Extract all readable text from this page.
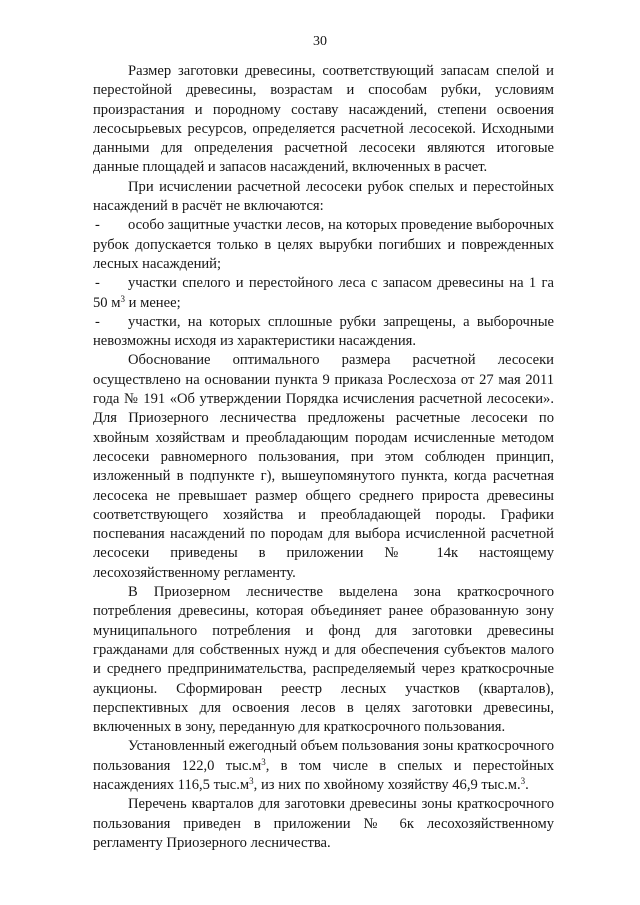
30

Размер заготовки древесины, соответствующий запасам спелой и перестойной древесины, возрастам и способам рубки, условиям произрастания и породному составу насаждений, степени освоения лесосырьевых ресурсов, определяется расчетной лесосекой. Исходными данными для определения расчетной лесосеки являются итоговые данные площадей и запасов насаждений, включенных в расчет.

При исчислении расчетной лесосеки рубок спелых и перестойных насаждений в расчёт не включаются:

- особо защитные участки лесов, на которых проведение выборочных рубок допускается только в целях вырубки погибших и поврежденных лесных насаждений;

- участки спелого и перестойного леса с запасом древесины на 1 га 50 $м^3$ и менее;

- участки, на которых сплошные рубки запрещены, а выборочные невозможны исходя из характеристики насаждения.

Обоснование оптимального размера расчетной лесосеки осуществлено на основании пункта 9 приказа Рослесхоза от 27 мая 2011 года № 191 «Об утверждении Порядка исчисления расчетной лесосеки». Для Приозерного лесничества предложены расчетные лесосеки по хвойным хозяйствам и преобладающим породам исчисленные методом лесосеки равномерного пользования, при этом соблюден принцип, изложенный в подпункте г), вышеупомянутого пункта, когда расчетная лесосека не превышает размер общего среднего прироста древесины соответствующего хозяйства и преобладающей породы. Графики поспевания насаждений по породам для выбора исчисленной расчетной лесосеки приведены в приложении № 14к настоящему лесохозяйственному регламенту.

В Приозерном лесничестве выделена зона краткосрочного потребления древесины, которая объединяет ранее образованную зону муниципального потребления и фонд для заготовки древесины гражданами для собственных нужд и для обеспечения субъектов малого и среднего предпринимательства, распределяемый через краткосрочные аукционы. Сформирован реестр лесных участков (кварталов), перспективных для освоения лесов в целях заготовки древесины, включенных в зону, переданную для краткосрочного пользования.

Установленный ежегодный объем пользования зоны краткосрочного пользования 122,0 $тыс.м^3$, в том числе в спелых и перестойных насаждениях 116,5 $тыс.м^3$, из них по хвойному хозяйству 46,9 тыс.м.$^3$.

Перечень кварталов для заготовки древесины зоны краткосрочного пользования приведен в приложении № 6к лесохозяйственному регламенту Приозерного лесничества.
